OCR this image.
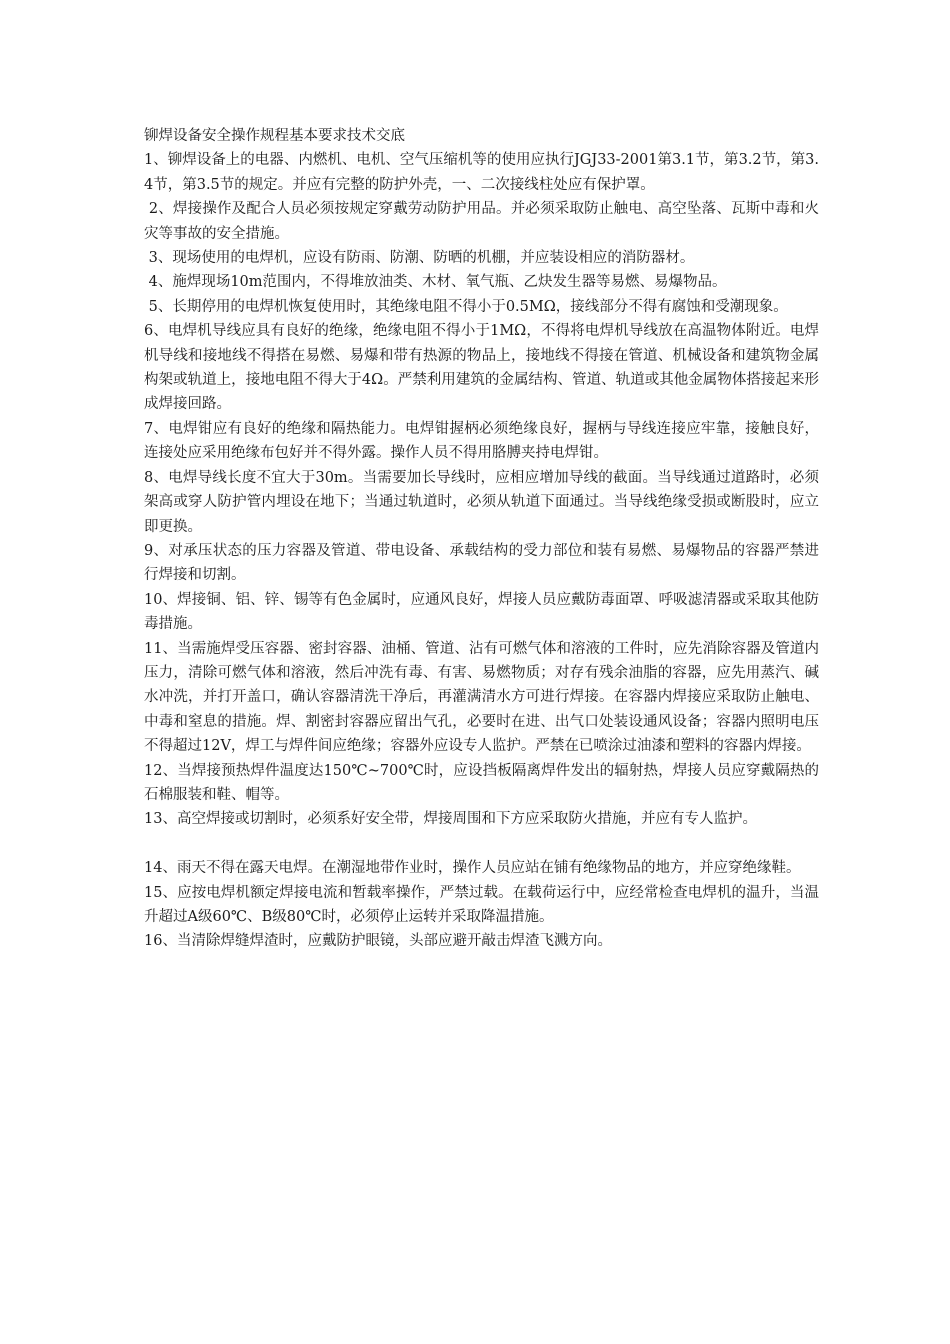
铆焊设备安全操作规程基本要求技术交底

1、铆焊设备上的电器、内燃机、电机、空气压缩机等的使用应执行JGJ33-2001第3.1节，第3.2节，第3.4节，第3.5节的规定。并应有完整的防护外壳，一、二次接线柱处应有保护罩。

2、焊接操作及配合人员必须按规定穿戴劳动防护用品。并必须采取防止触电、高空坠落、瓦斯中毒和火灾等事故的安全措施。

3、现场使用的电焊机，应设有防雨、防潮、防晒的机棚，并应装设相应的消防器材。

4、施焊现场10m范围内，不得堆放油类、木材、氧气瓶、乙炔发生器等易燃、易爆物品。

5、长期停用的电焊机恢复使用时，其绝缘电阻不得小于0.5MΩ，接线部分不得有腐蚀和受潮现象。

6、电焊机导线应具有良好的绝缘，绝缘电阻不得小于1MΩ，不得将电焊机导线放在高温物体附近。电焊机导线和接地线不得搭在易燃、易爆和带有热源的物品上，接地线不得接在管道、机械设备和建筑物金属构架或轨道上，接地电阻不得大于4Ω。严禁利用建筑的金属结构、管道、轨道或其他金属物体搭接起来形成焊接回路。

7、电焊钳应有良好的绝缘和隔热能力。电焊钳握柄必须绝缘良好，握柄与导线连接应牢靠，接触良好，连接处应采用绝缘布包好并不得外露。操作人员不得用胳膊夹持电焊钳。

8、电焊导线长度不宜大于30m。当需要加长导线时，应相应增加导线的截面。当导线通过道路时，必须架高或穿人防护管内埋设在地下；当通过轨道时，必须从轨道下面通过。当导线绝缘受损或断股时，应立即更换。

9、对承压状态的压力容器及管道、带电设备、承载结构的受力部位和装有易燃、易爆物品的容器严禁进行焊接和切割。

10、焊接铜、铝、锌、锡等有色金属时，应通风良好，焊接人员应戴防毒面罩、呼吸滤清器或采取其他防毒措施。

11、当需施焊受压容器、密封容器、油桶、管道、沾有可燃气体和溶液的工件时，应先消除容器及管道内压力，清除可燃气体和溶液，然后冲洗有毒、有害、易燃物质；对存有残余油脂的容器，应先用蒸汽、碱水冲洗，并打开盖口，确认容器清洗干净后，再灌满清水方可进行焊接。在容器内焊接应采取防止触电、中毒和窒息的措施。焊、割密封容器应留出气孔，必要时在进、出气口处装设通风设备；容器内照明电压不得超过12V，焊工与焊件间应绝缘；容器外应设专人监护。严禁在已喷涂过油漆和塑料的容器内焊接。

12、当焊接预热焊件温度达150℃~700℃时，应设挡板隔离焊件发出的辐射热，焊接人员应穿戴隔热的石棉服装和鞋、帽等。

13、高空焊接或切割时，必须系好安全带，焊接周围和下方应采取防火措施，并应有专人监护。

14、雨天不得在露天电焊。在潮湿地带作业时，操作人员应站在铺有绝缘物品的地方，并应穿绝缘鞋。

15、应按电焊机额定焊接电流和暂载率操作，严禁过载。在载荷运行中，应经常检查电焊机的温升，当温升超过A级60℃、B级80℃时，必须停止运转并采取降温措施。

16、当清除焊缝焊渣时，应戴防护眼镜，头部应避开敲击焊渣飞溅方向。
